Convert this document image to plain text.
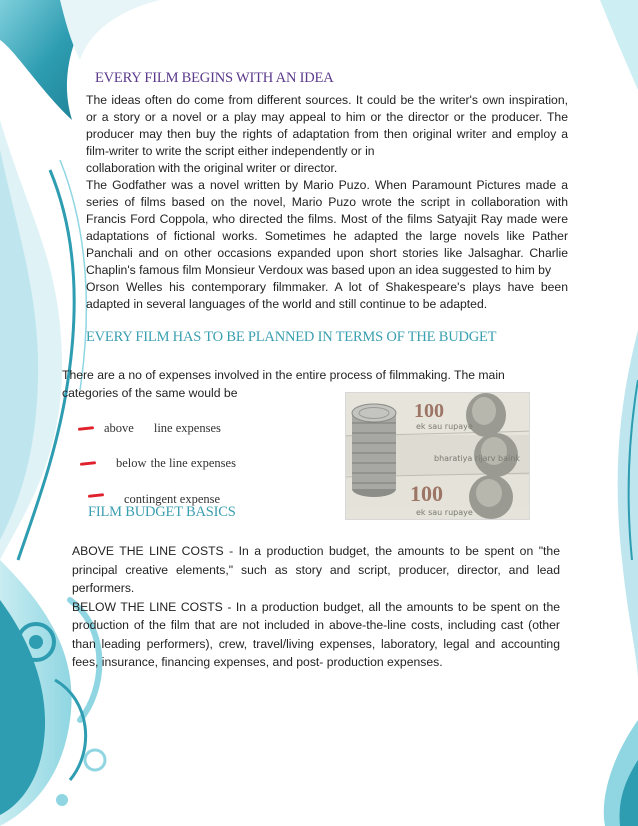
EVERY FILM BEGINS WITH AN IDEA

The ideas often do come from different sources. It could be the writer's own inspiration, or a story or a novel or a play may appeal to him or the director or the producer. The producer may then buy the rights of adaptation from then original writer and employ a film-writer to write the script either independently or in

collaboration with the original writer or director.

The Godfather was a novel written by Mario Puzo. When Paramount Pictures made a series of films based on the novel, Mario Puzo wrote the script in collaboration with Francis Ford Coppola, who directed the films. Most of the films Satyajit Ray made were adaptations of fictional works. Sometimes he adapted the large novels like Pather Panchali and on other occasions expanded upon short stories like Jalsaghar. Charlie Chaplin's famous film Monsieur Verdoux was based upon an idea suggested to him by

Orson Welles his contemporary filmmaker. A lot of Shakespeare's plays have been adapted in several languages of the world and still continue to be adapted.

EVERY FILM HAS TO BE PLANNED IN TERMS OF THE BUDGET
There are a no of expenses involved in the entire process of filmmaking. The main categories of the same would be
above line expenses
below the line expenses
contingent expense
100
100
ek sau rupaye
bharatiya rijarv baink
ek sau rupaye
FILM BUDGET BASICS

ABOVE THE LINE COSTS - In a production budget, the amounts to be spent on "the principal creative elements," such as story and script, producer, director, and lead performers.

BELOW THE LINE COSTS - In a production budget, all the amounts to be spent on the production of the film that are not included in above-the-line costs, including cast (other than leading performers), crew, travel/living expenses, laboratory, legal and accounting fees, insurance, financing expenses, and post- production expenses.
